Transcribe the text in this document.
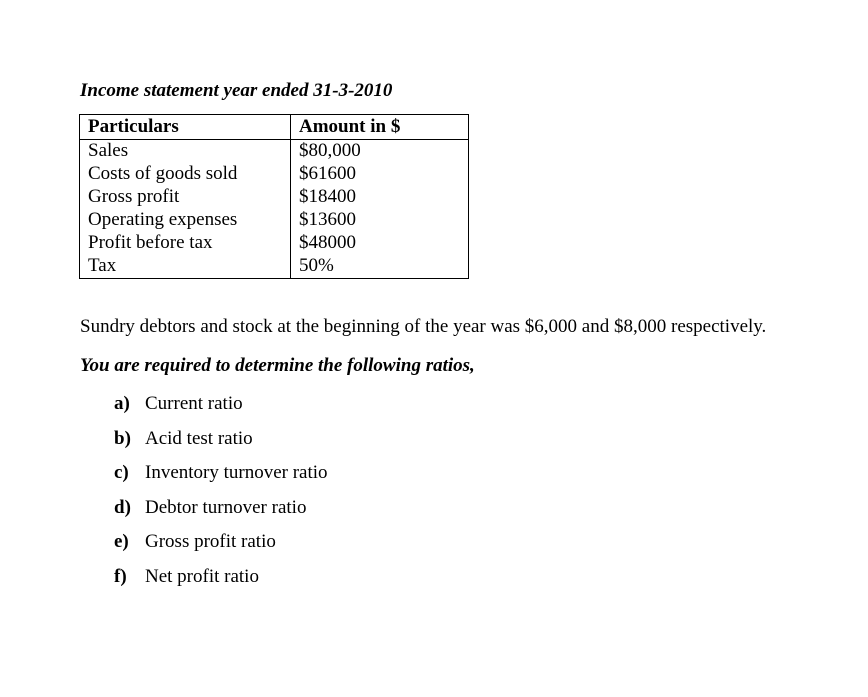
Income statement year ended 31-3-2010
Particulars	Amount in $
Sales	$80,000
Costs of goods sold	$61600
Gross profit	$18400
Operating expenses	$13600
Profit before tax	$48000
Tax	50%

Sundry debtors and stock at the beginning of the year was $6,000 and $8,000 respectively.

You are required to determine the following ratios,

a) Current ratio
b) Acid test ratio
c) Inventory turnover ratio
d) Debtor turnover ratio
e) Gross profit ratio
f) Net profit ratio
